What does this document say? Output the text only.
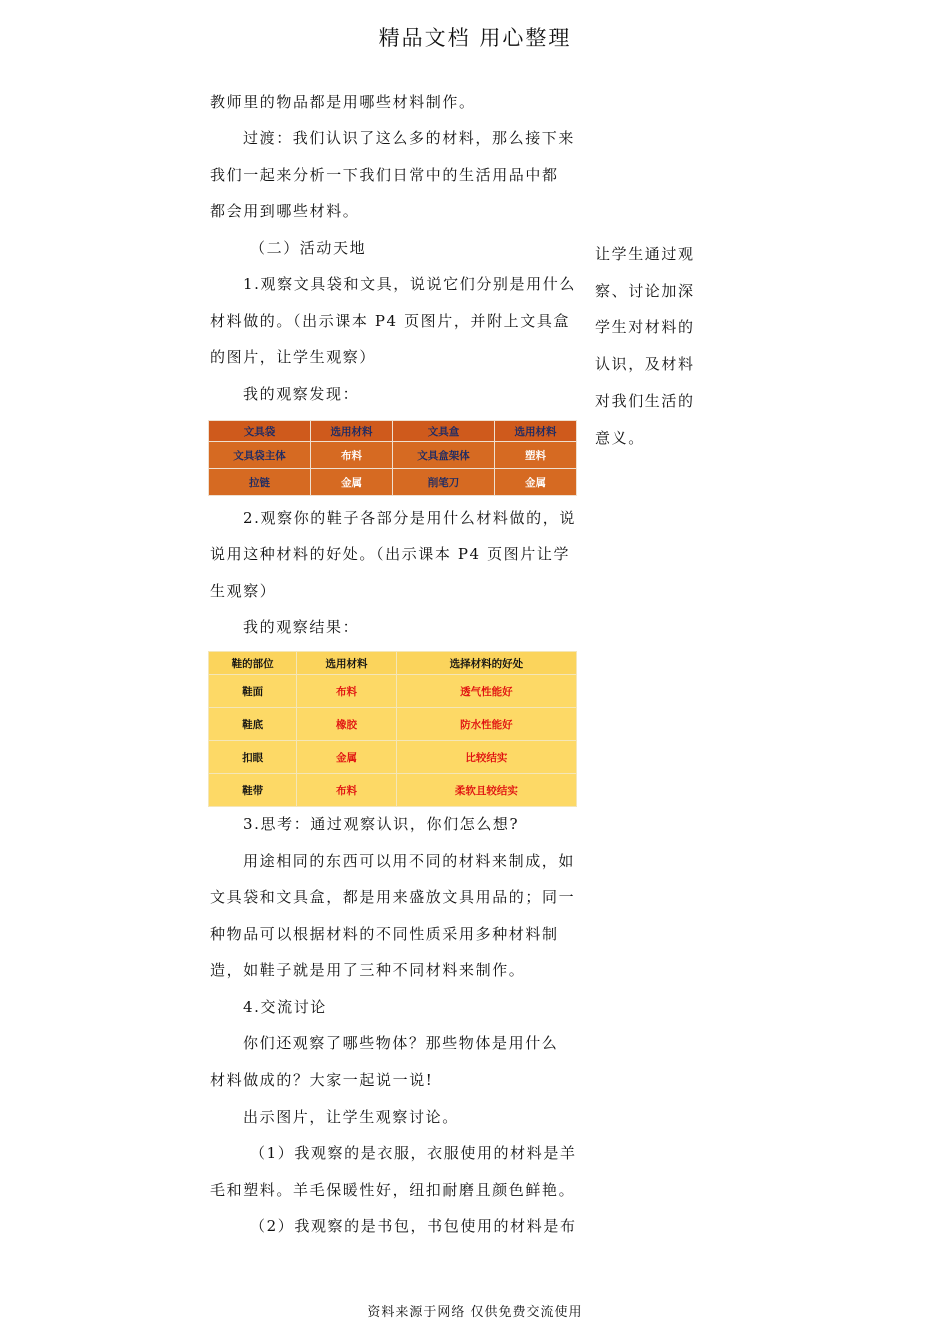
精品文档 用心整理
教师里的物品都是用哪些材料制作。
过渡：我们认识了这么多的材料，那么接下来
我们一起来分析一下我们日常中的生活用品中都
都会用到哪些材料。
（二）活动天地
1.观察文具袋和文具，说说它们分别是用什么
材料做的。（出示课本 P4 页图片，并附上文具盒
的图片，让学生观察）
我的观察发现：
让学生通过观
察、讨论加深
学生对材料的
认识，及材料
对我们生活的
意义。
文具袋	选用材料	文具盒	选用材料
文具袋主体	布料	文具盒架体	塑料
拉链	金属	削笔刀	金属
2.观察你的鞋子各部分是用什么材料做的，说
说用这种材料的好处。（出示课本 P4 页图片让学
生观察）
我的观察结果：
鞋的部位	选用材料	选择材料的好处
鞋面	布料	透气性能好
鞋底	橡胶	防水性能好
扣眼	金属	比较结实
鞋带	布料	柔软且较结实
3.思考：通过观察认识，你们怎么想?
用途相同的东西可以用不同的材料来制成，如
文具袋和文具盒，都是用来盛放文具用品的；同一
种物品可以根据材料的不同性质采用多种材料制
造，如鞋子就是用了三种不同材料来制作。
4.交流讨论
你们还观察了哪些物体？那些物体是用什么
材料做成的？大家一起说一说!
出示图片，让学生观察讨论。
（1）我观察的是衣服，衣服使用的材料是羊
毛和塑料。羊毛保暖性好，纽扣耐磨且颜色鲜艳。
（2）我观察的是书包，书包使用的材料是布
资料来源于网络 仅供免费交流使用
